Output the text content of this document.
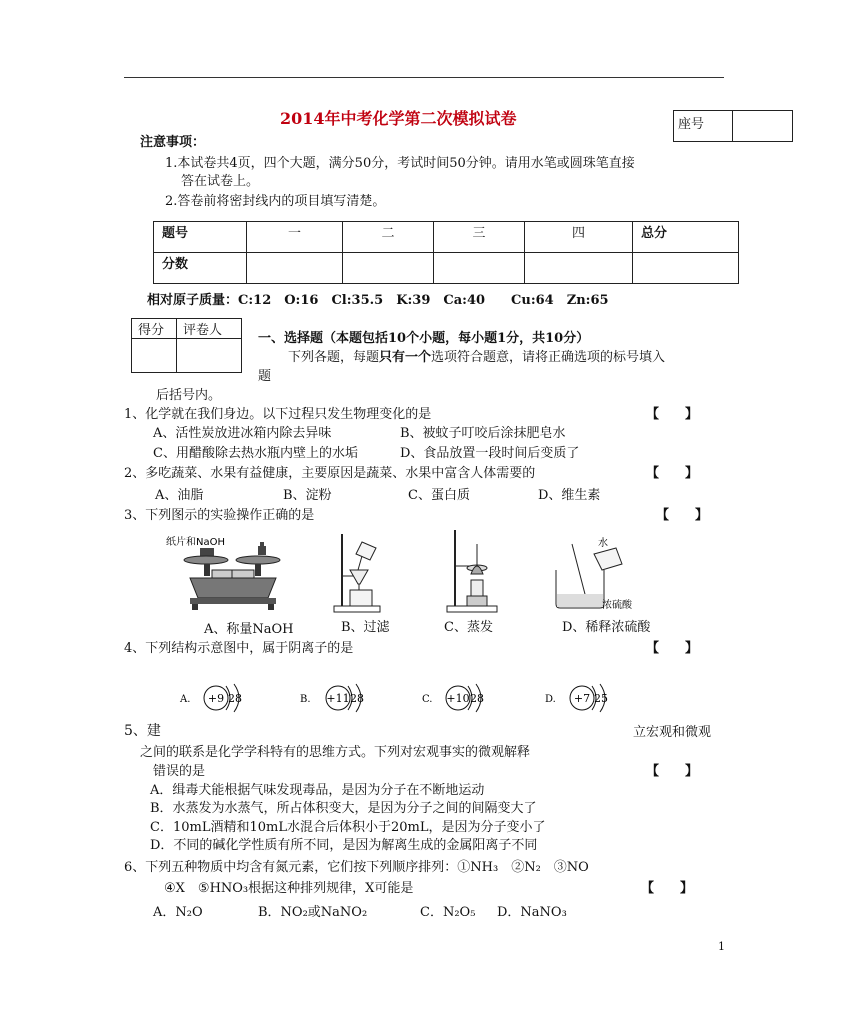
2014年中考化学第二次模拟试卷	座号
注意事项：
1.本试卷共4页，四个大题，满分50分，考试时间50分钟。请用水笔或圆珠笔直接
答在试卷上。
2.答卷前将密封线内的项目填写清楚。
题号	一	二	三	四	总分
分数					
相对原子质量：C:12　O:16　Cl:35.5　K:39　Ca:40　　Cu:64　Zn:65
得分	评卷人

一、选择题（本题包括10个小题，每小题1分，共10分）
下列各题，每题只有一个选项符合题意，请将正确选项的标号填入
题
后括号内。
1、化学就在我们身边。以下过程只发生物理变化的是	【　　】
A、活性炭放进冰箱内除去异味	B、被蚊子叮咬后涂抹肥皂水
C、用醋酸除去热水瓶内壁上的水垢	D、食品放置一段时间后变质了
2、多吃蔬菜、水果有益健康，主要原因是蔬菜、水果中富含人体需要的	【　　】
A、油脂	B、淀粉	C、蛋白质	D、维生素
3、下列图示的实验操作正确的是	【　　】
纸片和NaOH	水
浓硫酸
A、称量NaOH	B、过滤	C、蒸发	D、稀释浓硫酸
4、下列结构示意图中，属于阴离子的是	【　　】
A. +9 28	B. +11 28	C. +10 28	D. +7 25
5、建	立宏观和微观
之间的联系是化学学科特有的思维方式。下列对宏观事实的微观解释
错误的是	【　　】
A．缉毒犬能根据气味发现毒品，是因为分子在不断地运动
B．水蒸发为水蒸气，所占体积变大，是因为分子之间的间隔变大了
C．10mL酒精和10mL水混合后体积小于20mL，是因为分子变小了
D．不同的碱化学性质有所不同，是因为解离生成的金属阳离子不同
6、下列五种物质中均含有氮元素，它们按下列顺序排列：①NH₃　②N₂　③NO
④X　⑤HNO₃根据这种排列规律，X可能是	【　　】
A．N₂O	B．NO₂或NaNO₂	C．N₂O₅ D．NaNO₃
1
